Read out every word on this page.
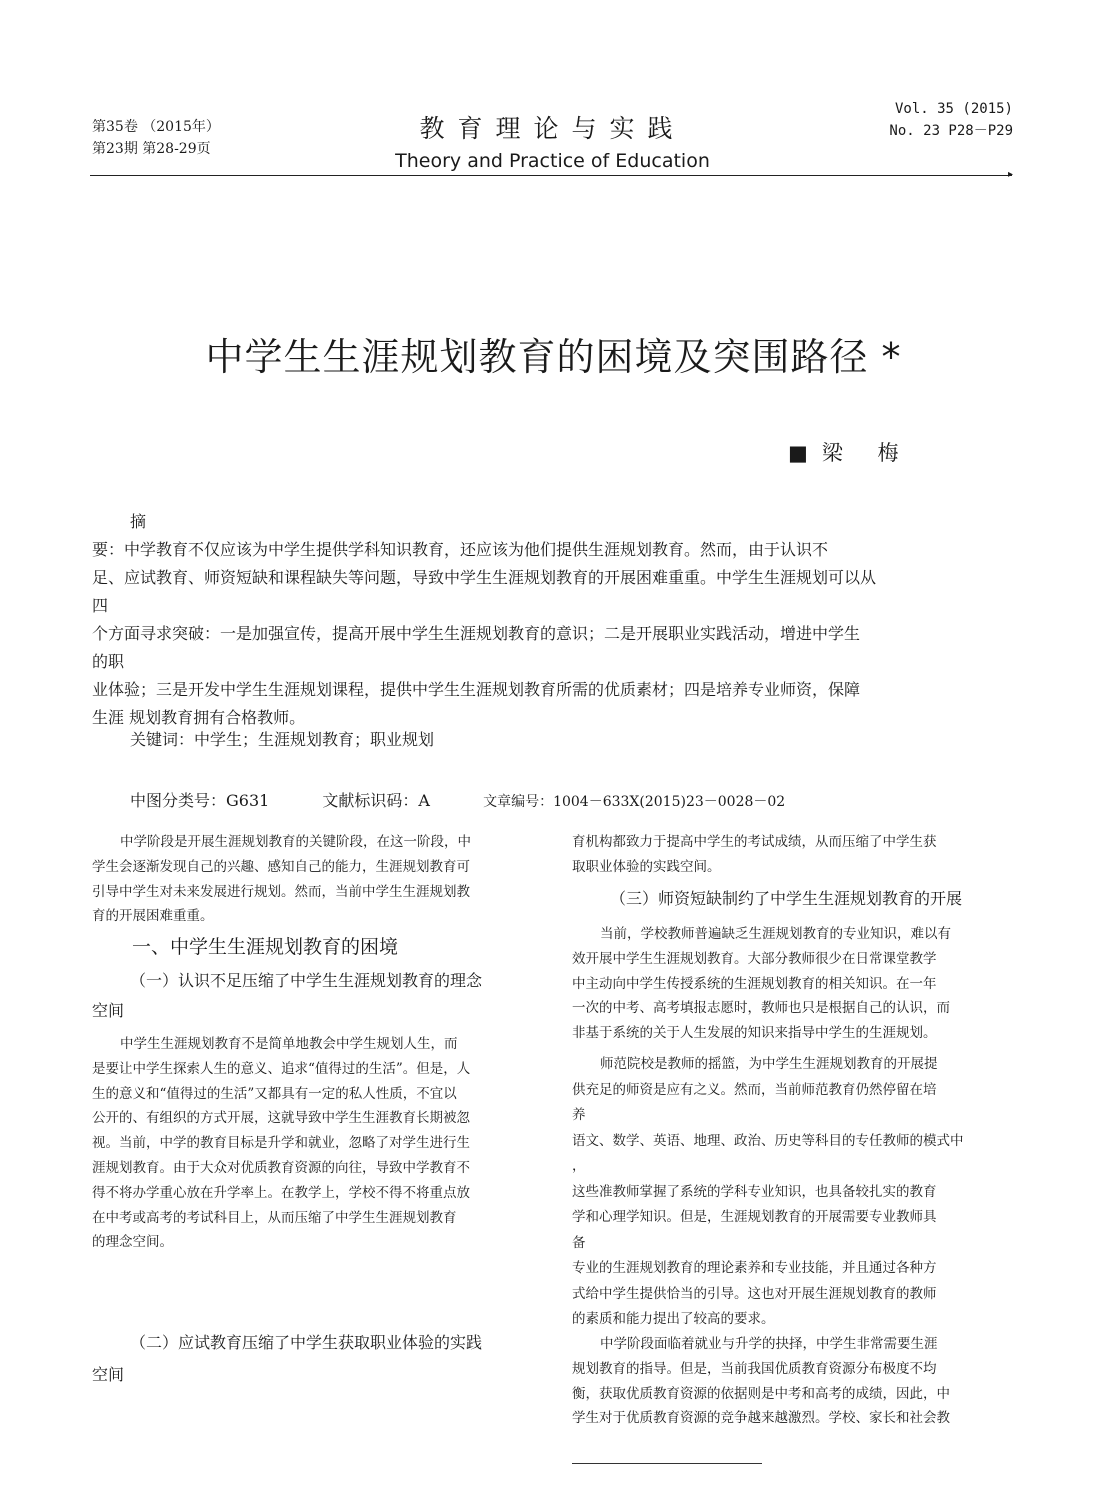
第35卷 （2015年）
第23期 第28-29页
教育理论与实践
Theory and Practice of Education
Vol. 35 (2015)
No. 23 P28－P29
▸
中学生生涯规划教育的困境及突围路径 *
■梁 梅
摘
要：中学教育不仅应该为中学生提供学科知识教育，还应该为他们提供生涯规划教育。然而，由于认识不
足、应试教育、师资短缺和课程缺失等问题，导致中学生生涯规划教育的开展困难重重。中学生生涯规划可以从
四
个方面寻求突破：一是加强宣传，提高开展中学生生涯规划教育的意识；二是开展职业实践活动，增进中学生
的职
业体验；三是开发中学生生涯规划课程，提供中学生生涯规划教育所需的优质素材；四是培养专业师资，保障
生涯 规划教育拥有合格教师。
关键词：中学生；生涯规划教育；职业规划
中图分类号：G631	文献标识码：A	文章编号：1004－633X(2015)23－0028－02
中学阶段是开展生涯规划教育的关键阶段，在这一阶段，中
学生会逐渐发现自己的兴趣、感知自己的能力，生涯规划教育可
引导中学生对未来发展进行规划。然而，当前中学生生涯规划教
育的开展困难重重。
一、中学生生涯规划教育的困境
（一）认识不足压缩了中学生生涯规划教育的理念
空间
中学生生涯规划教育不是简单地教会中学生规划人生，而
是要让中学生探索人生的意义、追求“值得过的生活”。但是，人
生的意义和“值得过的生活”又都具有一定的私人性质，不宜以
公开的、有组织的方式开展，这就导致中学生生涯教育长期被忽
视。当前，中学的教育目标是升学和就业，忽略了对学生进行生
涯规划教育。由于大众对优质教育资源的向往，导致中学教育不
得不将办学重心放在升学率上。在教学上，学校不得不将重点放
在中考或高考的考试科目上，从而压缩了中学生生涯规划教育
的理念空间。
（二）应试教育压缩了中学生获取职业体验的实践
空间
育机构都致力于提高中学生的考试成绩，从而压缩了中学生获
取职业体验的实践空间。
（三）师资短缺制约了中学生生涯规划教育的开展
当前，学校教师普遍缺乏生涯规划教育的专业知识，难以有
效开展中学生生涯规划教育。大部分教师很少在日常课堂教学
中主动向中学生传授系统的生涯规划教育的相关知识。在一年
一次的中考、高考填报志愿时，教师也只是根据自己的认识，而
非基于系统的关于人生发展的知识来指导中学生的生涯规划。
师范院校是教师的摇篮，为中学生生涯规划教育的开展提
供充足的师资是应有之义。然而，当前师范教育仍然停留在培
养
语文、数学、英语、地理、政治、历史等科目的专任教师的模式中
，
这些准教师掌握了系统的学科专业知识，也具备较扎实的教育
学和心理学知识。但是，生涯规划教育的开展需要专业教师具
备
专业的生涯规划教育的理论素养和专业技能，并且通过各种方
式给中学生提供恰当的引导。这也对开展生涯规划教育的教师
的素质和能力提出了较高的要求。
中学阶段面临着就业与升学的抉择，中学生非常需要生涯
规划教育的指导。但是，当前我国优质教育资源分布极度不均
衡，获取优质教育资源的依据则是中考和高考的成绩，因此，中
学生对于优质教育资源的竞争越来越激烈。学校、家长和社会教
